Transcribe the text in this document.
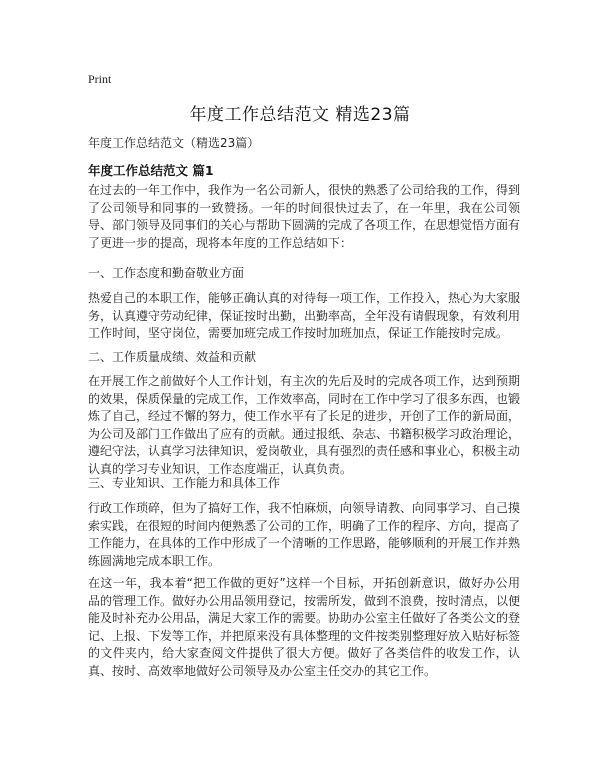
Print
年度工作总结范文 精选23篇
年度工作总结范文（精选23篇）
年度工作总结范文 篇1

在过去的一年工作中，我作为一名公司新人，很快的熟悉了公司给我的工作，得到了公司领导和同事的一致赞扬。一年的时间很快过去了，在一年里，我在公司领导、部门领导及同事们的关心与帮助下圆满的完成了各项工作，在思想觉悟方面有了更进一步的提高，现将本年度的工作总结如下：

一、工作态度和勤奋敬业方面

热爱自己的本职工作，能够正确认真的对待每一项工作，工作投入，热心为大家服务，认真遵守劳动纪律，保证按时出勤，出勤率高，全年没有请假现象，有效利用工作时间，坚守岗位，需要加班完成工作按时加班加点，保证工作能按时完成。

二、工作质量成绩、效益和贡献

在开展工作之前做好个人工作计划，有主次的先后及时的完成各项工作，达到预期的效果，保质保量的完成工作，工作效率高，同时在工作中学习了很多东西，也锻炼了自己，经过不懈的努力，使工作水平有了长足的进步，开创了工作的新局面，为公司及部门工作做出了应有的贡献。通过报纸、杂志、书籍积极学习政治理论，遵纪守法，认真学习法律知识，爱岗敬业，具有强烈的责任感和事业心，积极主动认真的学习专业知识，工作态度端正，认真负责。

三、专业知识、工作能力和具体工作

行政工作琐碎，但为了搞好工作，我不怕麻烦，向领导请教、向同事学习、自己摸索实践，在很短的时间内便熟悉了公司的工作，明确了工作的程序、方向，提高了工作能力，在具体的工作中形成了一个清晰的工作思路，能够顺利的开展工作并熟练圆满地完成本职工作。

在这一年，我本着“把工作做的更好”这样一个目标，开拓创新意识，做好办公用品的管理工作。做好办公用品领用登记，按需所发，做到不浪费，按时清点，以便能及时补充办公用品，满足大家工作的需要。协助办公室主任做好了各类公文的登记、上报、下发等工作，并把原来没有具体整理的文件按类别整理好放入贴好标签的文件夹内，给大家查阅文件提供了很大方便。做好了各类信件的收发工作，认真、按时、高效率地做好公司领导及办公室主任交办的其它工作。
